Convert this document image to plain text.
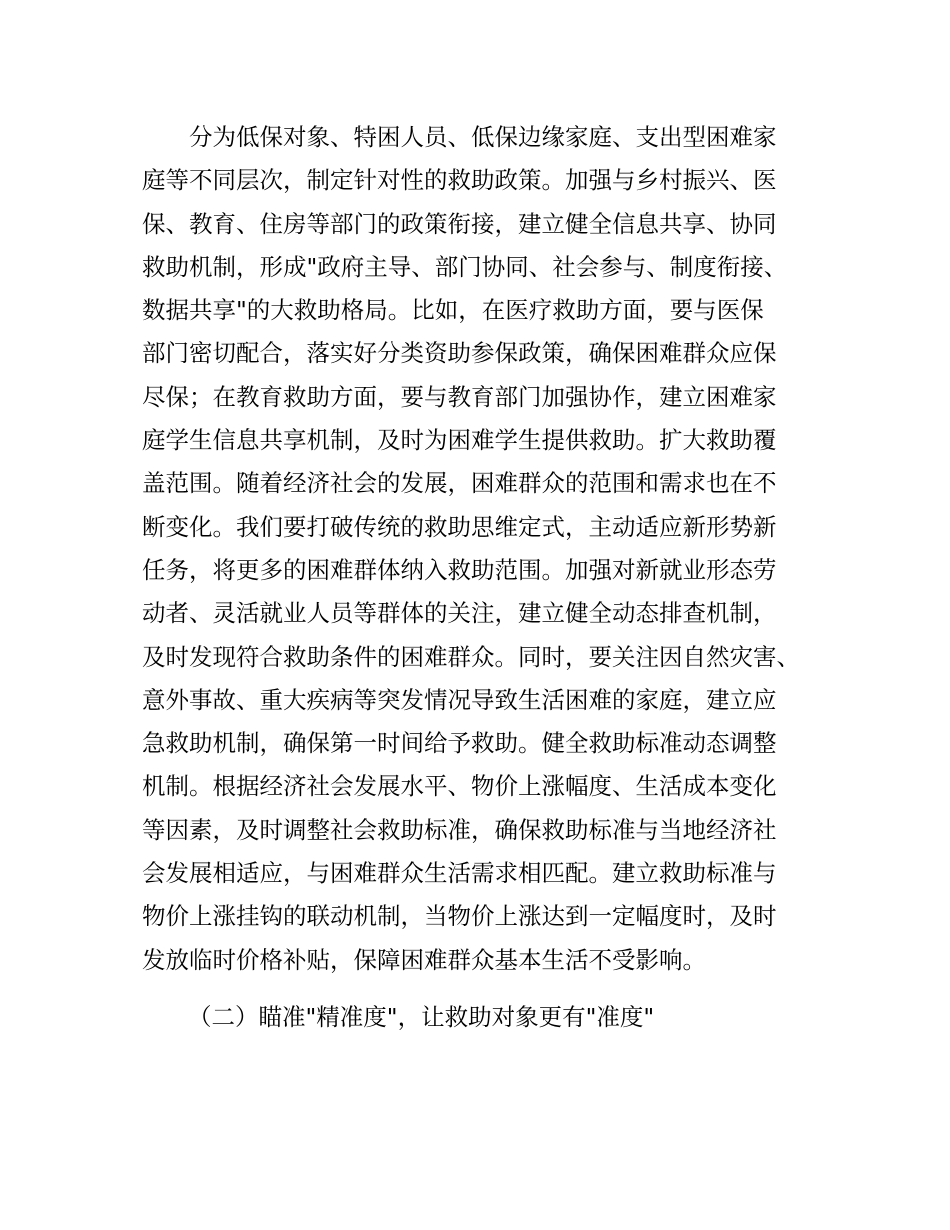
　　分为低保对象、特困人员、低保边缘家庭、支出型困难家
庭等不同层次，制定针对性的救助政策。加强与乡村振兴、医
保、教育、住房等部门的政策衔接，建立健全信息共享、协同
救助机制，形成"政府主导、部门协同、社会参与、制度衔接、
数据共享"的大救助格局。比如，在医疗救助方面，要与医保
部门密切配合，落实好分类资助参保政策，确保困难群众应保
尽保；在教育救助方面，要与教育部门加强协作，建立困难家
庭学生信息共享机制，及时为困难学生提供救助。扩大救助覆
盖范围。随着经济社会的发展，困难群众的范围和需求也在不
断变化。我们要打破传统的救助思维定式，主动适应新形势新
任务，将更多的困难群体纳入救助范围。加强对新就业形态劳
动者、灵活就业人员等群体的关注，建立健全动态排查机制，
及时发现符合救助条件的困难群众。同时，要关注因自然灾害、
意外事故、重大疾病等突发情况导致生活困难的家庭，建立应
急救助机制，确保第一时间给予救助。健全救助标准动态调整
机制。根据经济社会发展水平、物价上涨幅度、生活成本变化
等因素，及时调整社会救助标准，确保救助标准与当地经济社
会发展相适应，与困难群众生活需求相匹配。建立救助标准与
物价上涨挂钩的联动机制，当物价上涨达到一定幅度时，及时
发放临时价格补贴，保障困难群众基本生活不受影响。
（二）瞄准"精准度"，让救助对象更有"准度"
